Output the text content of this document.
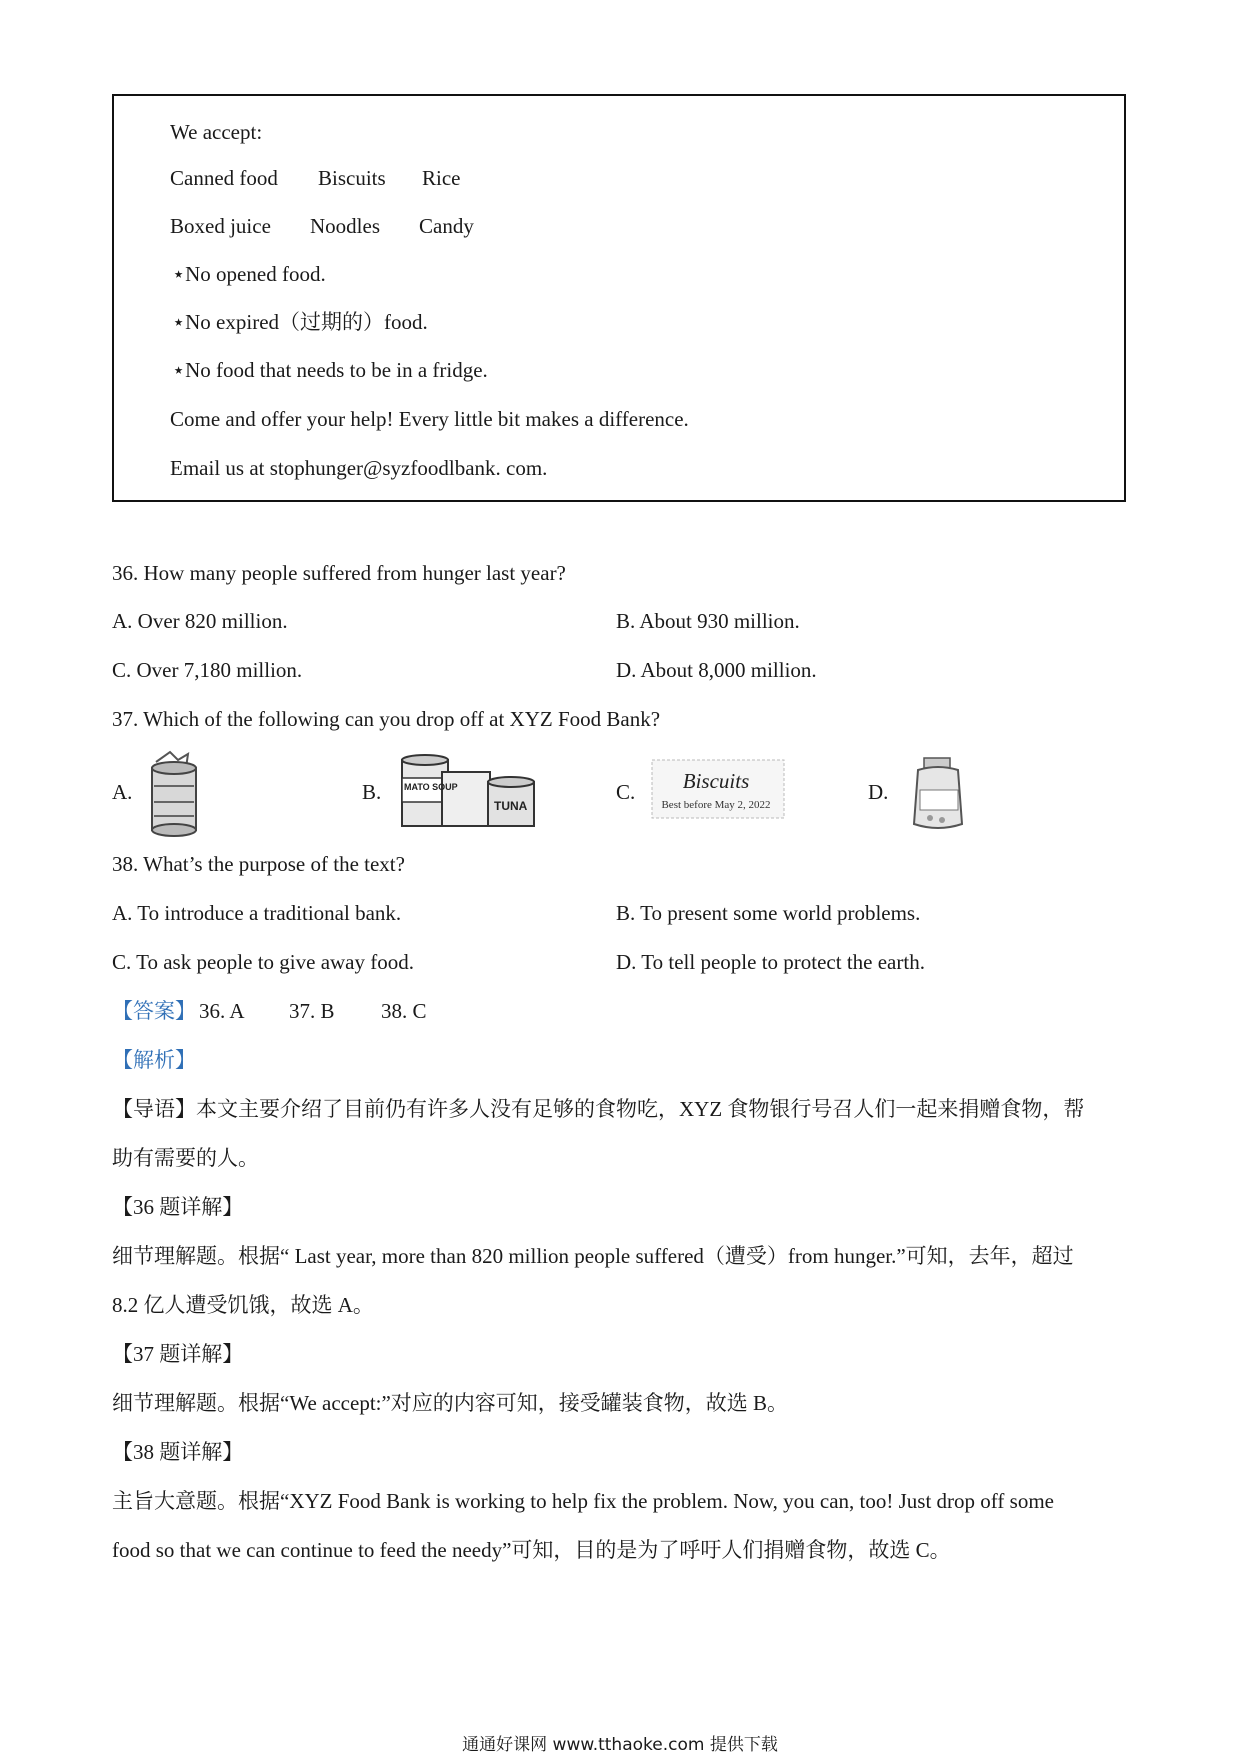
We accept:
Canned food Biscuits Rice
Boxed juice Noodles Candy
⋆No opened food.
⋆No expired（过期的）food.
⋆No food that needs to be in a fridge.
Come and offer your help! Every little bit makes a difference.
Email us at stophunger@syzfoodlbank. com.
36. How many people suffered from hunger last year?
A. Over 820 million.	B. About 930 million.
C. Over 7,180 million.	D. About 8,000 million.
37. Which of the following can you drop off at XYZ Food Bank?
A.	B.	MATO SOUP
TUNA
C. Biscuits
Best before May 2, 2022
D.
38. What’s the purpose of the text?
A. To introduce a traditional bank.	B. To present some world problems.
C. To ask people to give away food.	D. To tell people to protect the earth.
【答案】 36. A 37. B 38. C
【解析】
【导语】本文主要介绍了目前仍有许多人没有足够的食物吃，XYZ 食物银行号召人们一起来捐赠食物，帮
助有需要的人。
【36 题详解】
细节理解题。根据“ Last year, more than 820 million people suffered（遭受）from hunger.”可知，去年，超过
8.2 亿人遭受饥饿，故选 A。
【37 题详解】
细节理解题。根据“We accept:”对应的内容可知，接受罐装食物，故选 B。
【38 题详解】
主旨大意题。根据“XYZ Food Bank is working to help fix the problem. Now, you can, too! Just drop off some
food so that we can continue to feed the needy”可知，目的是为了呼吁人们捐赠食物，故选 C。
通通好课网 www.tthaoke.com 提供下载
